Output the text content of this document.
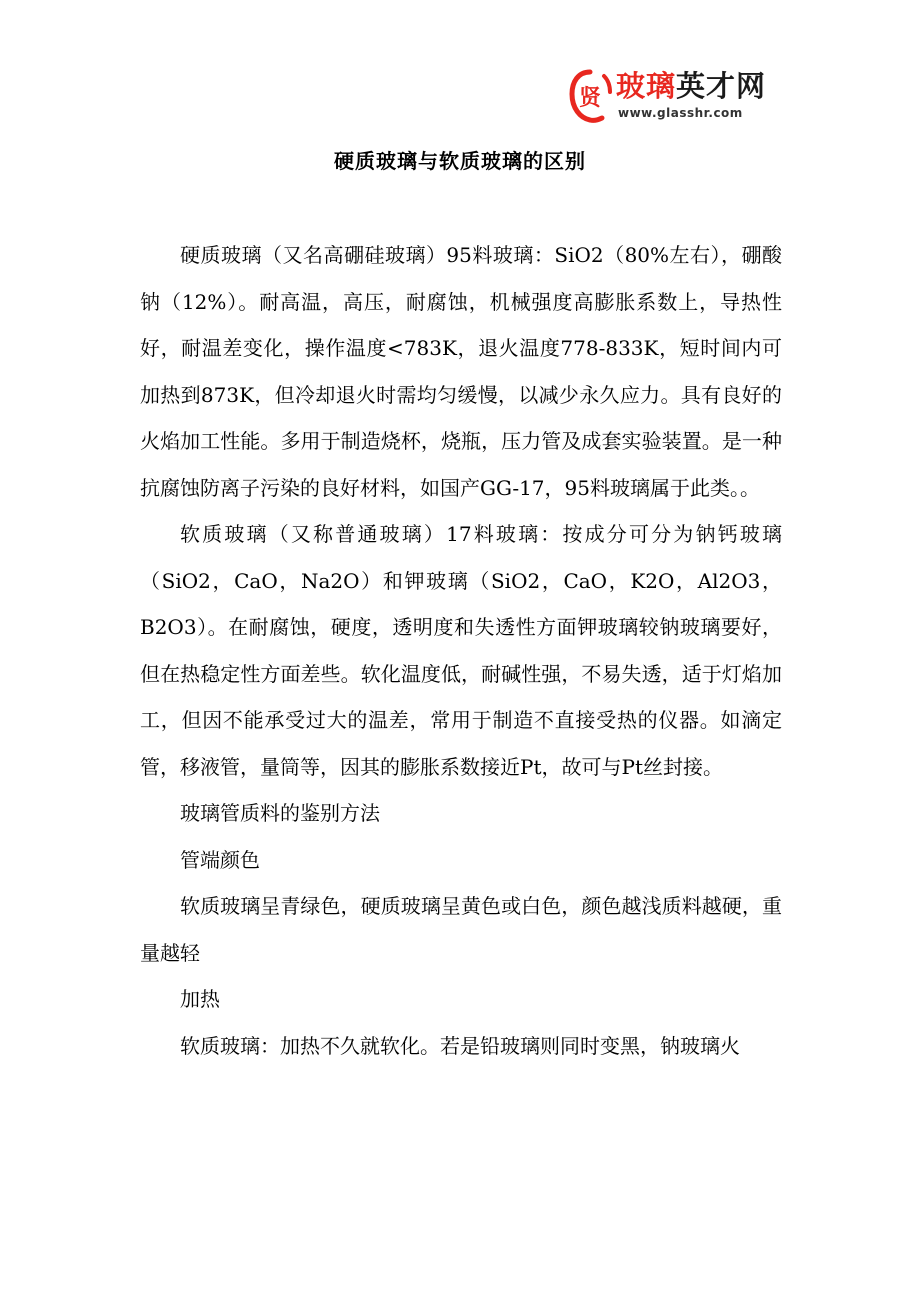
贤 玻璃英才网
www.glasshr.com
硬质玻璃与软质玻璃的区别

硬质玻璃（又名高硼硅玻璃）95料玻璃：SiO2（80%左右），硼酸钠（12%）。耐高温，高压，耐腐蚀，机械强度高膨胀系数上，导热性好，耐温差变化，操作温度<783K，退火温度778-833K，短时间内可加热到873K，但冷却退火时需均匀缓慢，以减少永久应力。具有良好的火焰加工性能。多用于制造烧杯，烧瓶，压力管及成套实验装置。是一种抗腐蚀防离子污染的良好材料，如国产GG-17，95料玻璃属于此类。。

软质玻璃（又称普通玻璃）17料玻璃：按成分可分为钠钙玻璃（SiO2，CaO，Na2O）和钾玻璃（SiO2，CaO，K2O，Al2O3，B2O3）。在耐腐蚀，硬度，透明度和失透性方面钾玻璃较钠玻璃要好，但在热稳定性方面差些。软化温度低，耐碱性强，不易失透，适于灯焰加工，但因不能承受过大的温差，常用于制造不直接受热的仪器。如滴定管，移液管，量筒等，因其的膨胀系数接近Pt，故可与Pt丝封接。

玻璃管质料的鉴别方法

管端颜色

软质玻璃呈青绿色，硬质玻璃呈黄色或白色，颜色越浅质料越硬，重量越轻

加热

软质玻璃：加热不久就软化。若是铅玻璃则同时变黑，钠玻璃火
